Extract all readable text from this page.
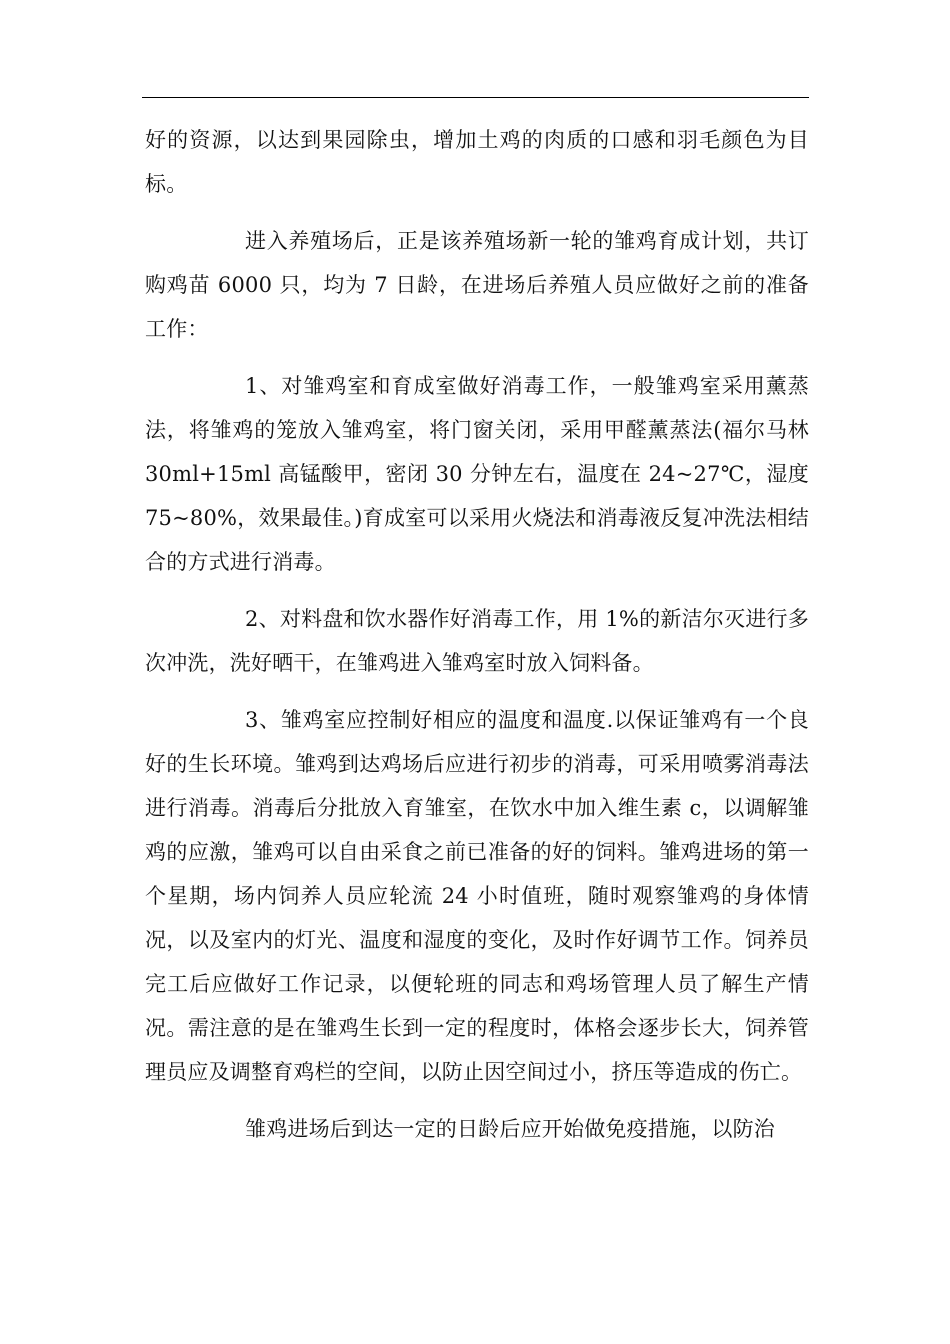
好的资源，以达到果园除虫，增加土鸡的肉质的口感和羽毛颜色为目标。

进入养殖场后，正是该养殖场新一轮的雏鸡育成计划，共订购鸡苗 6000 只，均为 7 日龄，在进场后养殖人员应做好之前的准备工作：

1、对雏鸡室和育成室做好消毒工作，一般雏鸡室采用薰蒸法，将雏鸡的笼放入雏鸡室，将门窗关闭，采用甲醛薰蒸法(福尔马林 30ml+15ml 高锰酸甲，密闭 30 分钟左右，温度在 24~27℃，湿度 75~80%，效果最佳。)育成室可以采用火烧法和消毒液反复冲洗法相结合的方式进行消毒。

2、对料盘和饮水器作好消毒工作，用 1%的新洁尔灭进行多次冲洗，洗好晒干，在雏鸡进入雏鸡室时放入饲料备。

3、雏鸡室应控制好相应的温度和温度.以保证雏鸡有一个良好的生长环境。雏鸡到达鸡场后应进行初步的消毒，可采用喷雾消毒法进行消毒。消毒后分批放入育雏室，在饮水中加入维生素 c，以调解雏鸡的应激，雏鸡可以自由采食之前已准备的好的饲料。雏鸡进场的第一个星期，场内饲养人员应轮流 24 小时值班，随时观察雏鸡的身体情况，以及室内的灯光、温度和湿度的变化，及时作好调节工作。饲养员完工后应做好工作记录，以便轮班的同志和鸡场管理人员了解生产情况。需注意的是在雏鸡生长到一定的程度时，体格会逐步长大，饲养管理员应及调整育鸡栏的空间，以防止因空间过小，挤压等造成的伤亡。

雏鸡进场后到达一定的日龄后应开始做免疫措施，以防治
